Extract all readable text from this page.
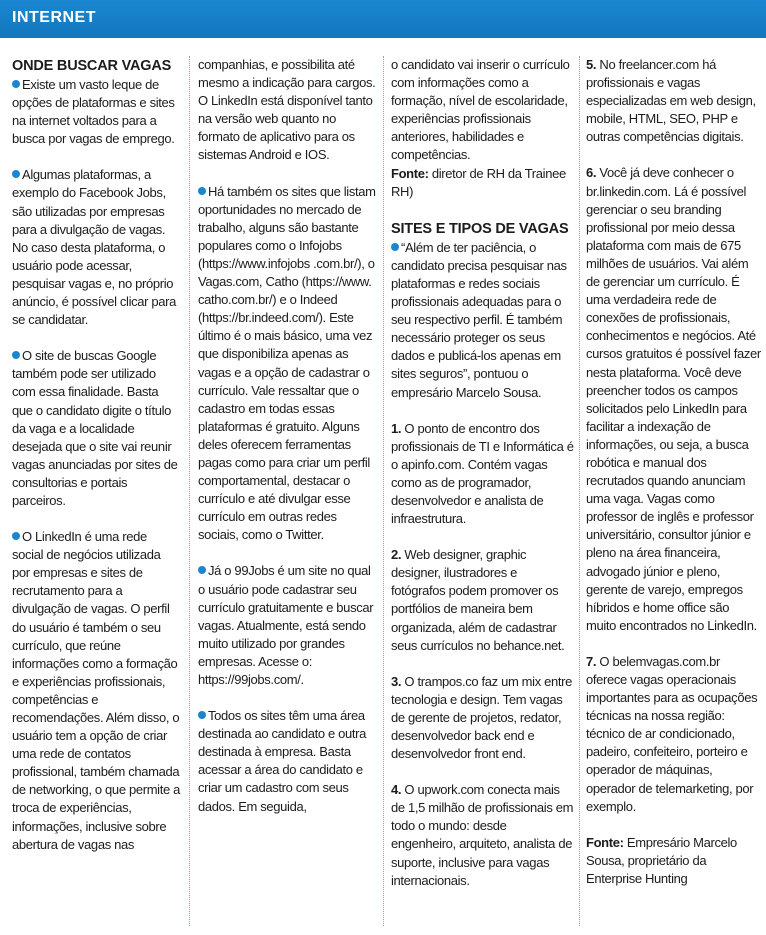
INTERNET
ONDE BUSCAR VAGAS

Existe um vasto leque de opções de plataformas e sites na internet voltados para a busca por vagas de emprego.

Algumas plataformas, a exemplo do Facebook Jobs, são utilizadas por empresas para a divulgação de vagas. No caso desta plataforma, o usuário pode acessar, pesquisar vagas e, no próprio anúncio, é possível clicar para se candidatar.

O site de buscas Google também pode ser utilizado com essa finalidade. Basta que o candidato digite o título da vaga e a localidade desejada que o site vai reunir vagas anunciadas por sites de consultorias e portais parceiros.

O LinkedIn é uma rede social de negócios utilizada por empresas e sites de recrutamento para a divulgação de vagas. O perfil do usuário é também o seu currículo, que reúne informações como a formação e experiências profissionais, competências e recomendações. Além disso, o usuário tem a opção de criar uma rede de contatos profissional, também chamada de networking, o que permite a troca de experiências, informações, inclusive sobre abertura de vagas nas

companhias, e possibilita até mesmo a indicação para cargos. O LinkedIn está disponível tanto na versão web quanto no formato de aplicativo para os sistemas Android e IOS.

Há também os sites que listam oportunidades no mercado de trabalho, alguns são bastante populares como o Infojobs (https://www.infojobs .com.br/), o Vagas.com, Catho (https://www. catho.com.br/) e o Indeed (https://br.indeed.com/). Este último é o mais básico, uma vez que disponibiliza apenas as vagas e a opção de cadastrar o currículo. Vale ressaltar que o cadastro em todas essas plataformas é gratuito. Alguns deles oferecem ferramentas pagas como para criar um perfil comportamental, destacar o currículo e até divulgar esse currículo em outras redes sociais, como o Twitter.

Já o 99Jobs é um site no qual o usuário pode cadastrar seu currículo gratuitamente e buscar vagas. Atualmente, está sendo muito utilizado por grandes empresas. Acesse o: https://99jobs.com/.

Todos os sites têm uma área destinada ao candidato e outra destinada à empresa. Basta acessar a área do candidato e criar um cadastro com seus dados. Em seguida,

o candidato vai inserir o currículo com informações como a formação, nível de escolaridade, experiências profissionais anteriores, habilidades e competências.

Fonte: diretor de RH da Trainee RH)

SITES E TIPOS DE VAGAS

“Além de ter paciência, o candidato precisa pesquisar nas plataformas e redes sociais profissionais adequadas para o seu respectivo perfil. É também necessário proteger os seus dados e publicá-los apenas em sites seguros”, pontuou o empresário Marcelo Sousa.

1. O ponto de encontro dos profissionais de TI e Informática é o apinfo.com. Contém vagas como as de programador, desenvolvedor e analista de infraestrutura.

2. Web designer, graphic designer, ilustradores e fotógrafos podem promover os portfólios de maneira bem organizada, além de cadastrar seus currículos no behance.net.

3. O trampos.co faz um mix entre tecnologia e design. Tem vagas de gerente de projetos, redator, desenvolvedor back end e desenvolvedor front end.

4. O upwork.com conecta mais de 1,5 milhão de profissionais em todo o mundo: desde engenheiro, arquiteto, analista de suporte, inclusive para vagas internacionais.

5. No freelancer.com há profissionais e vagas especializadas em web design, mobile, HTML, SEO, PHP e outras competências digitais.

6. Você já deve conhecer o br.linkedin.com. Lá é possível gerenciar o seu branding profissional por meio dessa plataforma com mais de 675 milhões de usuários. Vai além de gerenciar um currículo. É uma verdadeira rede de conexões de profissionais, conhecimentos e negócios. Até cursos gratuitos é possível fazer nesta plataforma. Você deve preencher todos os campos solicitados pelo LinkedIn para facilitar a indexação de informações, ou seja, a busca robótica e manual dos recrutados quando anunciam uma vaga. Vagas como professor de inglês e professor universitário, consultor júnior e pleno na área financeira, advogado júnior e pleno, gerente de varejo, empregos híbridos e home office são muito encontrados no LinkedIn.

7. O belemvagas.com.br oferece vagas operacionais importantes para as ocupações técnicas na nossa região: técnico de ar condicionado, padeiro, confeiteiro, porteiro e operador de máquinas, operador de telemarketing, por exemplo.

Fonte: Empresário Marcelo Sousa, proprietário da Enterprise Hunting
